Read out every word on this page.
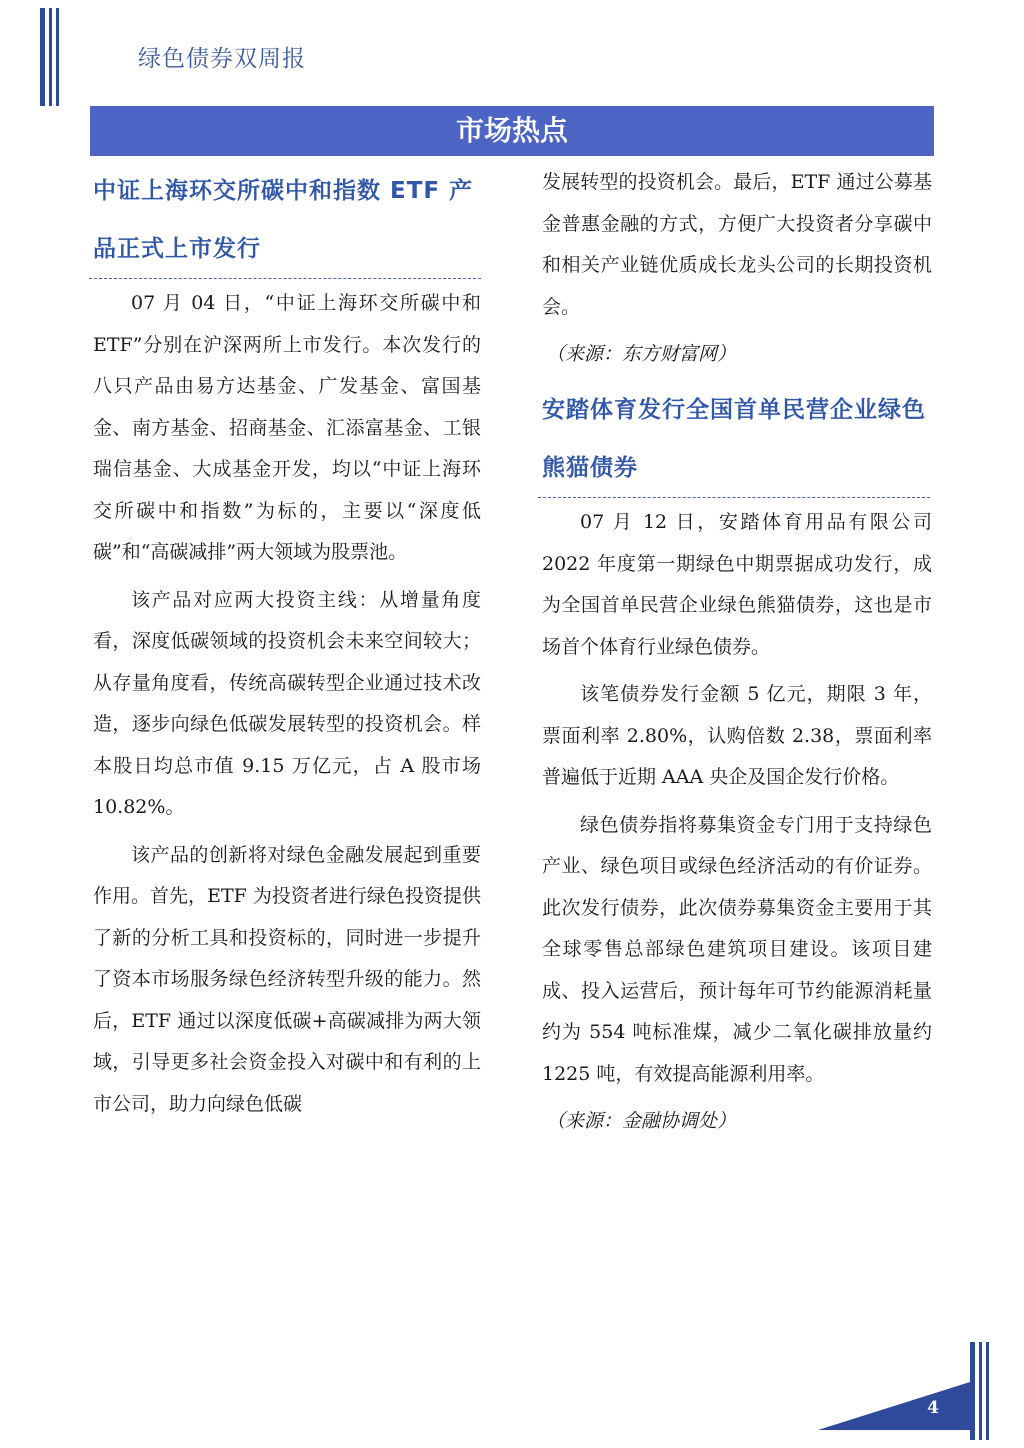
绿色债券双周报
市场热点
中证上海环交所碳中和指数 ETF 产品正式上市发行

07 月 04 日，“中证上海环交所碳中和ETF”分别在沪深两所上市发行。本次发行的八只产品由易方达基金、广发基金、富国基金、南方基金、招商基金、汇添富基金、工银瑞信基金、大成基金开发，均以“中证上海环交所碳中和指数”为标的，主要以“深度低碳”和“高碳减排”两大领域为股票池。

该产品对应两大投资主线：从增量角度看，深度低碳领域的投资机会未来空间较大；从存量角度看，传统高碳转型企业通过技术改造，逐步向绿色低碳发展转型的投资机会。样本股日均总市值 9.15 万亿元，占 A 股市场 10.82%。

该产品的创新将对绿色金融发展起到重要作用。首先，ETF 为投资者进行绿色投资提供了新的分析工具和投资标的，同时进一步提升了资本市场服务绿色经济转型升级的能力。然后，ETF 通过以深度低碳+高碳减排为两大领域，引导更多社会资金投入对碳中和有利的上市公司，助力向绿色低碳

发展转型的投资机会。最后，ETF 通过公募基金普惠金融的方式，方便广大投资者分享碳中和相关产业链优质成长龙头公司的长期投资机会。

（来源：东方财富网）

安踏体育发行全国首单民营企业绿色熊猫债券

07 月 12 日，安踏体育用品有限公司 2022 年度第一期绿色中期票据成功发行，成为全国首单民营企业绿色熊猫债券，这也是市场首个体育行业绿色债券。

该笔债券发行金额 5 亿元，期限 3 年，票面利率 2.80%，认购倍数 2.38，票面利率普遍低于近期 AAA 央企及国企发行价格。

绿色债券指将募集资金专门用于支持绿色产业、绿色项目或绿色经济活动的有价证券。此次发行债券，此次债券募集资金主要用于其全球零售总部绿色建筑项目建设。该项目建成、投入运营后，预计每年可节约能源消耗量约为 554 吨标准煤，减少二氧化碳排放量约 1225 吨，有效提高能源利用率。

（来源：金融协调处）

4
